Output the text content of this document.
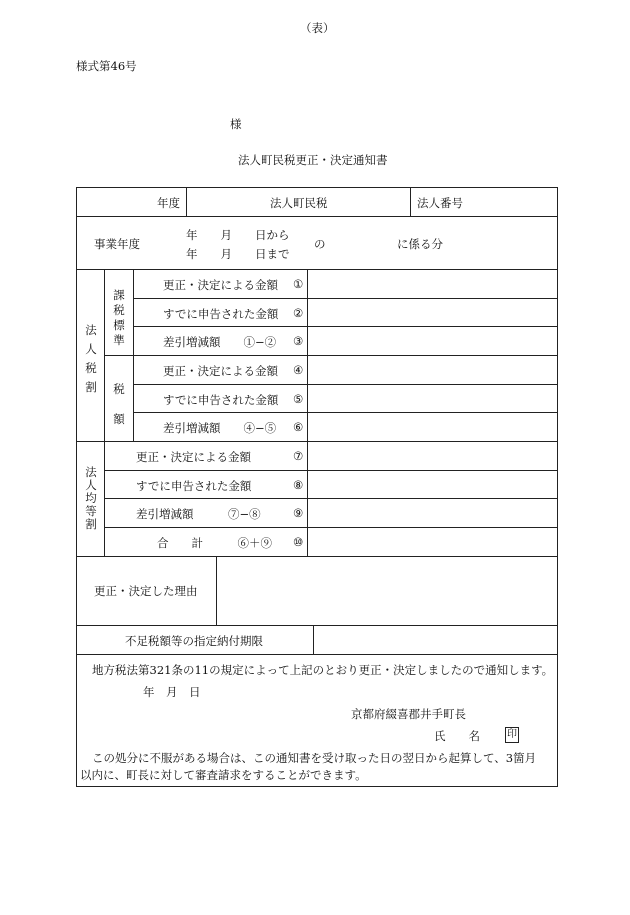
（表）
様式第46号
様
法人町民税更正・決定通知書
年度	法人町民税	法人番号
事業年度
年　　月　　日から
年　　月　　日まで
の	に係る分
法人税割
課税標準
税額
更正・決定による金額 ①
すでに申告された金額 ②
差引増減額　　①−② ③
更正・決定による金額 ④
すでに申告された金額 ⑤
差引増減額　　④−⑤ ⑥
法人均等割
更正・決定による金額	⑦
すでに申告された金額	⑧
差引増減額　　　⑦−⑧	⑨
合　　計　　　⑥＋⑨ ⑩
更正・決定した理由
不足税額等の指定納付期限
地方税法第321条の11の規定によって上記のとおり更正・決定しましたので通知します。
年　月　日
京都府綴喜郡井手町長
氏　　名	印
この処分に不服がある場合は、この通知書を受け取った日の翌日から起算して、3箇月
以内に、町長に対して審査請求をすることができます。
